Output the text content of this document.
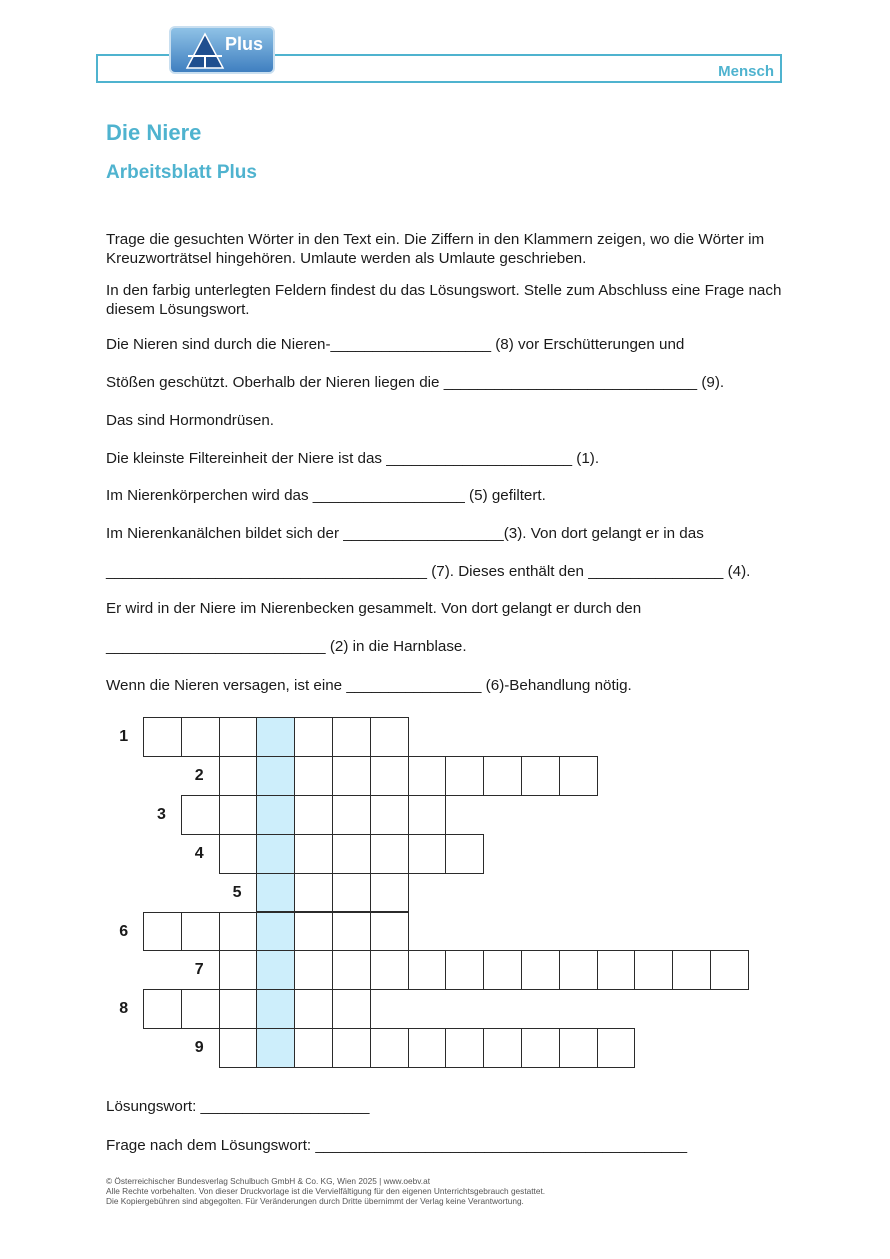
Plus
Mensch
Die Niere
Arbeitsblatt Plus

Trage die gesuchten Wörter in den Text ein. Die Ziffern in den Klammern zeigen, wo die Wörter im Kreuzworträtsel hingehören. Umlaute werden als Umlaute geschrieben.

In den farbig unterlegten Feldern findest du das Lösungswort. Stelle zum Abschluss eine Frage nach diesem Lösungswort.

Die Nieren sind durch die Nieren-___________________ (8) vor Erschütterungen und
Stößen geschützt. Oberhalb der Nieren liegen die ______________________________ (9).
Das sind Hormondrüsen.
Die kleinste Filtereinheit der Niere ist das ______________________ (1).
Im Nierenkörperchen wird das __________________ (5) gefiltert.
Im Nierenkanälchen bildet sich der ___________________(3). Von dort gelangt er in das
______________________________________ (7). Dieses enthält den ________________ (4).
Er wird in der Niere im Nierenbecken gesammelt. Von dort gelangt er durch den
__________________________ (2) in die Harnblase.
Wenn die Nieren versagen, ist eine ________________ (6)-Behandlung nötig.
1
2
3
4
5
6
7
8
9
Lösungswort: ____________________
Frage nach dem Lösungswort: ____________________________________________
© Österreichischer Bundesverlag Schulbuch GmbH & Co. KG, Wien 2025 | www.oebv.at
Alle Rechte vorbehalten. Von dieser Druckvorlage ist die Vervielfältigung für den eigenen Unterrichtsgebrauch gestattet.
Die Kopiergebühren sind abgegolten. Für Veränderungen durch Dritte übernimmt der Verlag keine Verantwortung.
